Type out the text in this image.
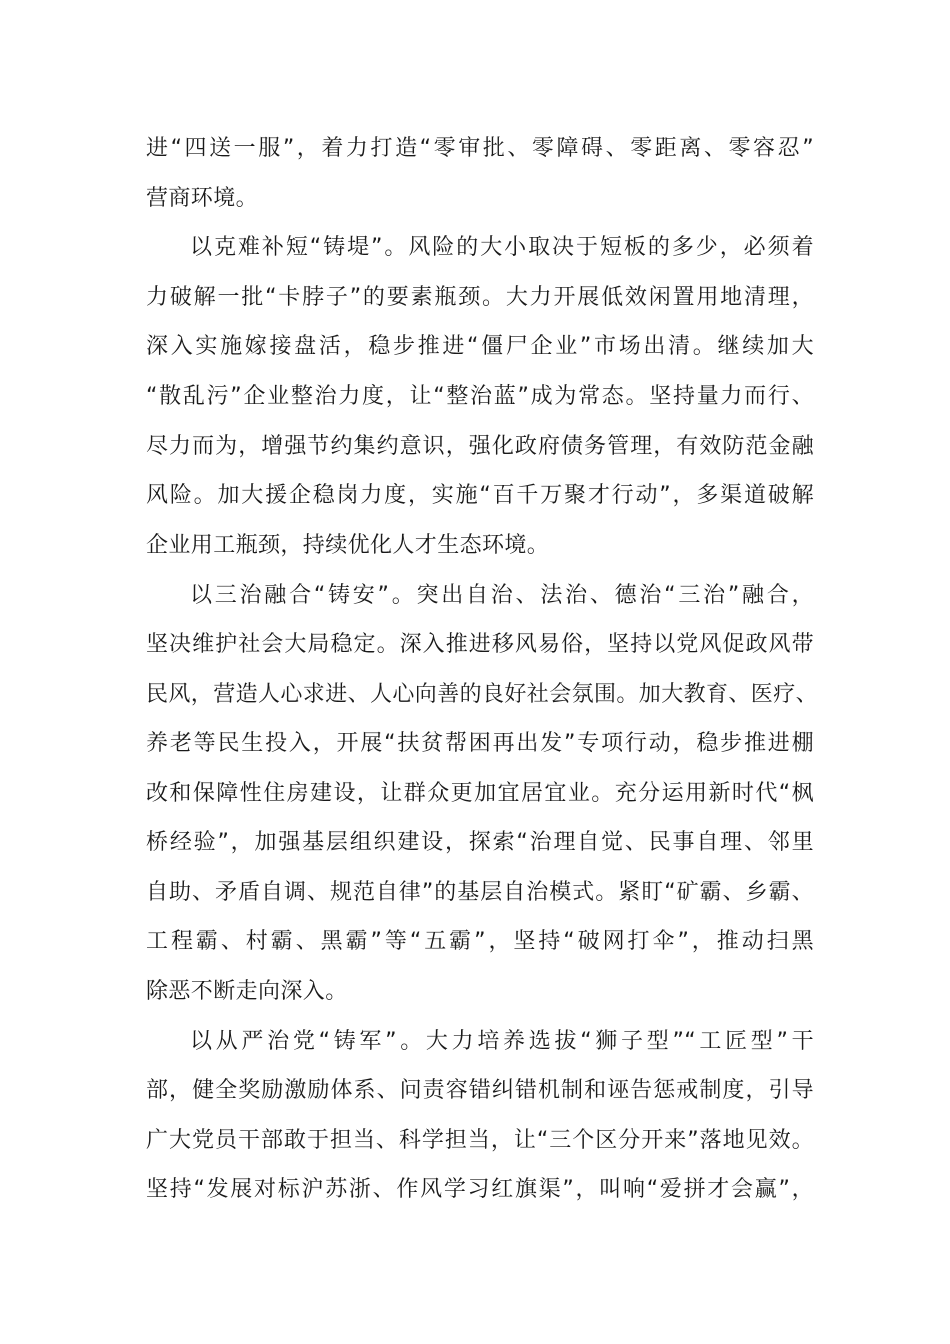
进“四送一服”，着力打造“零审批、零障碍、零距离、零容忍”
营商环境。
以克难补短“铸堤”。风险的大小取决于短板的多少，必须着
力破解一批“卡脖子”的要素瓶颈。大力开展低效闲置用地清理，
深入实施嫁接盘活，稳步推进“僵尸企业”市场出清。继续加大
“散乱污”企业整治力度，让“整治蓝”成为常态。坚持量力而行、
尽力而为，增强节约集约意识，强化政府债务管理，有效防范金融
风险。加大援企稳岗力度，实施“百千万聚才行动”，多渠道破解
企业用工瓶颈，持续优化人才生态环境。
以三治融合“铸安”。突出自治、法治、德治“三治”融合，
坚决维护社会大局稳定。深入推进移风易俗，坚持以党风促政风带
民风，营造人心求进、人心向善的良好社会氛围。加大教育、医疗、
养老等民生投入，开展“扶贫帮困再出发”专项行动，稳步推进棚
改和保障性住房建设，让群众更加宜居宜业。充分运用新时代“枫
桥经验”，加强基层组织建设，探索“治理自觉、民事自理、邻里
自助、矛盾自调、规范自律”的基层自治模式。紧盯“矿霸、乡霸、
工程霸、村霸、黑霸”等“五霸”，坚持“破网打伞”，推动扫黑
除恶不断走向深入。
以从严治党“铸军”。大力培养选拔“狮子型”“工匠型”干
部，健全奖励激励体系、问责容错纠错机制和诬告惩戒制度，引导
广大党员干部敢于担当、科学担当，让“三个区分开来”落地见效。
坚持“发展对标沪苏浙、作风学习红旗渠”，叫响“爱拼才会赢”，
